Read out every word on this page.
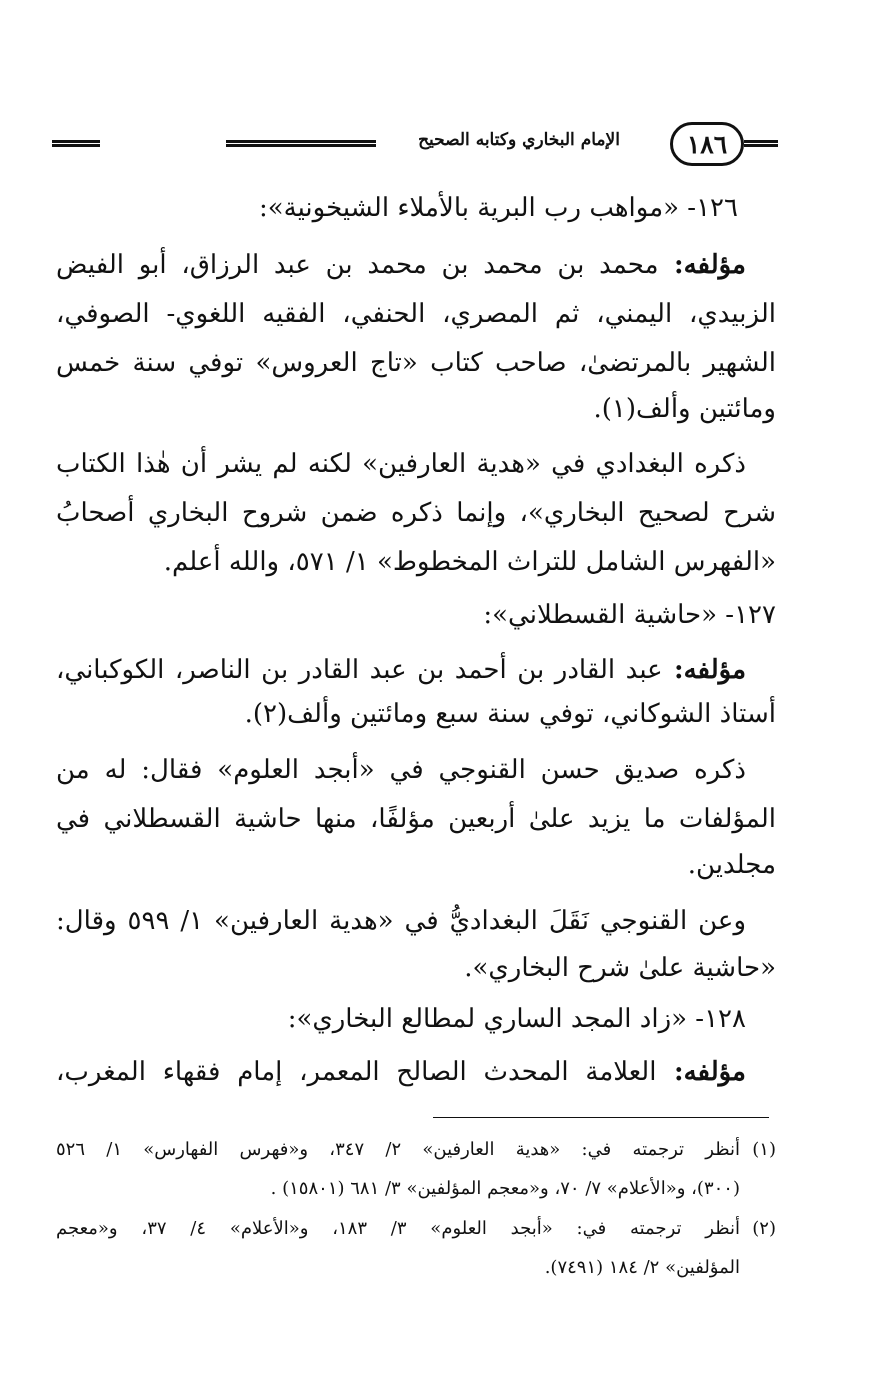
الإمام البخاري وكتابه الصحيح	١٨٦
١٢٦- «مواهب رب البرية بالأملاء الشيخونية»:
مؤلفه: محمد بن محمد بن محمد بن عبد الرزاق، أبو الفيض
الزبيدي، اليمني، ثم المصري، الحنفي، الفقيه اللغوي- الصوفي،
الشهير بالمرتضىٰ، صاحب كتاب «تاج العروس» توفي سنة خمس
ومائتين وألف(١).
ذكره البغدادي في «هدية العارفين» لكنه لم يشر أن هٰذا الكتاب
شرح لصحيح البخاري»، وإنما ذكره ضمن شروح البخاري أصحابُ
«الفهرس الشامل للتراث المخطوط» ١/ ٥٧١، والله أعلم.
١٢٧- «حاشية القسطلاني»:
مؤلفه: عبد القادر بن أحمد بن عبد القادر بن الناصر، الكوكباني،
أستاذ الشوكاني، توفي سنة سبع ومائتين وألف(٢).
ذكره صديق حسن القنوجي في «أبجد العلوم» فقال: له من
المؤلفات ما يزيد علىٰ أربعين مؤلفًا، منها حاشية القسطلاني في
مجلدين.
وعن القنوجي نَقَلَ البغداديُّ في «هدية العارفين» ١/ ٥٩٩ وقال:
«حاشية علىٰ شرح البخاري».
١٢٨- «زاد المجد الساري لمطالع البخاري»:
مؤلفه: العلامة المحدث الصالح المعمر، إمام فقهاء المغرب،
(١)أنظر ترجمته في: «هدية العارفين» ٢/ ٣٤٧، و«فهرس الفهارس» ١/ ٥٢٦
(٣٠٠)، و«الأعلام» ٧/ ٧٠، و«معجم المؤلفين» ٣/ ٦٨١ (١٥٨٠١) .
(٢)أنظر ترجمته في: «أبجد العلوم» ٣/ ١٨٣، و«الأعلام» ٤/ ٣٧، و«معجم
المؤلفين» ٢/ ١٨٤ (٧٤٩١).
